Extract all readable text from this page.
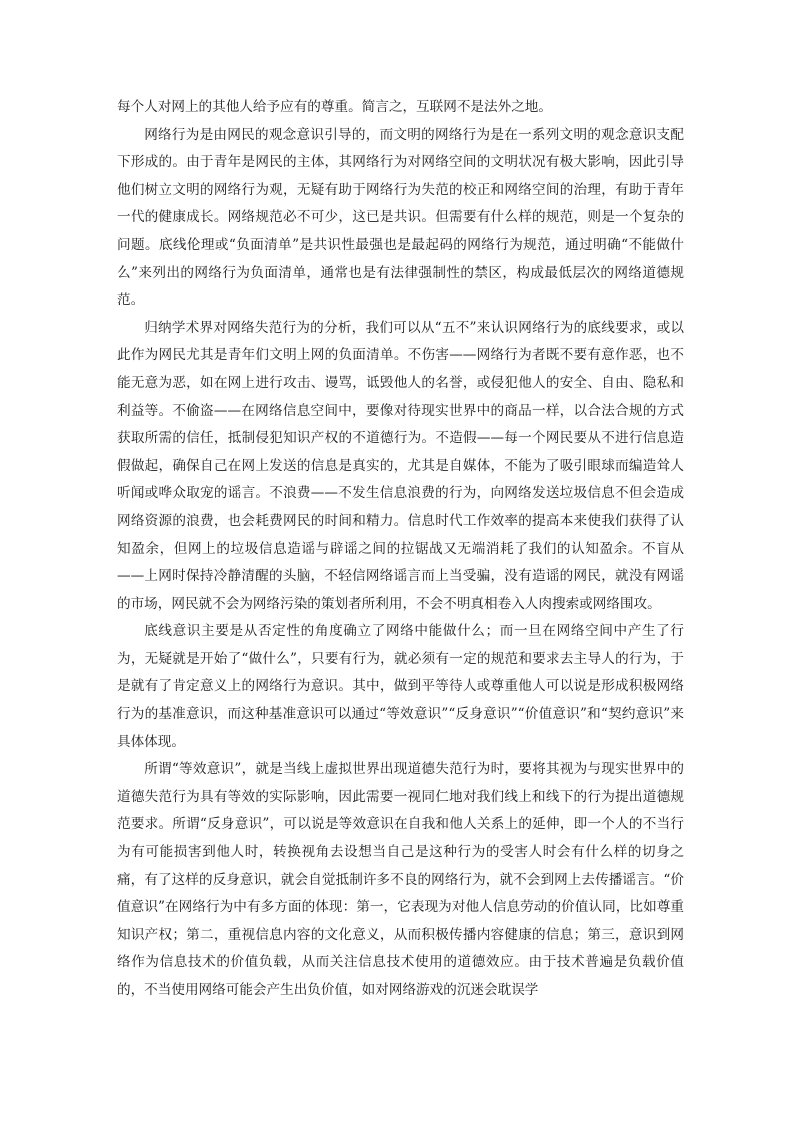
每个人对网上的其他人给予应有的尊重。简言之，互联网不是法外之地。

网络行为是由网民的观念意识引导的，而文明的网络行为是在一系列文明的观念意识支配下形成的。由于青年是网民的主体，其网络行为对网络空间的文明状况有极大影响，因此引导他们树立文明的网络行为观，无疑有助于网络行为失范的校正和网络空间的治理，有助于青年一代的健康成长。网络规范必不可少，这已是共识。但需要有什么样的规范，则是一个复杂的问题。底线伦理或“负面清单”是共识性最强也是最起码的网络行为规范，通过明确“不能做什么”来列出的网络行为负面清单，通常也是有法律强制性的禁区，构成最低层次的网络道德规范。

归纳学术界对网络失范行为的分析，我们可以从“五不”来认识网络行为的底线要求，或以此作为网民尤其是青年们文明上网的负面清单。不伤害——网络行为者既不要有意作恶，也不能无意为恶，如在网上进行攻击、谩骂，诋毁他人的名誉，或侵犯他人的安全、自由、隐私和利益等。不偷盗——在网络信息空间中，要像对待现实世界中的商品一样，以合法合规的方式获取所需的信任，抵制侵犯知识产权的不道德行为。不造假——每一个网民要从不进行信息造假做起，确保自己在网上发送的信息是真实的，尤其是自媒体，不能为了吸引眼球而编造耸人听闻或哗众取宠的谣言。不浪费——不发生信息浪费的行为，向网络发送垃圾信息不但会造成网络资源的浪费，也会耗费网民的时间和精力。信息时代工作效率的提高本来使我们获得了认知盈余，但网上的垃圾信息造谣与辟谣之间的拉锯战又无端消耗了我们的认知盈余。不盲从——上网时保持冷静清醒的头脑，不轻信网络谣言而上当受骗，没有造谣的网民，就没有网谣的市场，网民就不会为网络污染的策划者所利用，不会不明真相卷入人肉搜索或网络围攻。

底线意识主要是从否定性的角度确立了网络中能做什么；而一旦在网络空间中产生了行为，无疑就是开始了“做什么”，只要有行为，就必须有一定的规范和要求去主导人的行为，于是就有了肯定意义上的网络行为意识。其中，做到平等待人或尊重他人可以说是形成积极网络行为的基准意识，而这种基准意识可以通过“等效意识”“反身意识”“价值意识”和“契约意识”来具体体现。

所谓“等效意识”，就是当线上虚拟世界出现道德失范行为时，要将其视为与现实世界中的道德失范行为具有等效的实际影响，因此需要一视同仁地对我们线上和线下的行为提出道德规范要求。所谓“反身意识”，可以说是等效意识在自我和他人关系上的延伸，即一个人的不当行为有可能损害到他人时，转换视角去设想当自己是这种行为的受害人时会有什么样的切身之痛，有了这样的反身意识，就会自觉抵制许多不良的网络行为，就不会到网上去传播谣言。“价值意识”在网络行为中有多方面的体现：第一，它表现为对他人信息劳动的价值认同，比如尊重知识产权；第二，重视信息内容的文化意义，从而积极传播内容健康的信息；第三，意识到网络作为信息技术的价值负载，从而关注信息技术使用的道德效应。由于技术普遍是负载价值的，不当使用网络可能会产生出负价值，如对网络游戏的沉迷会耽误学
